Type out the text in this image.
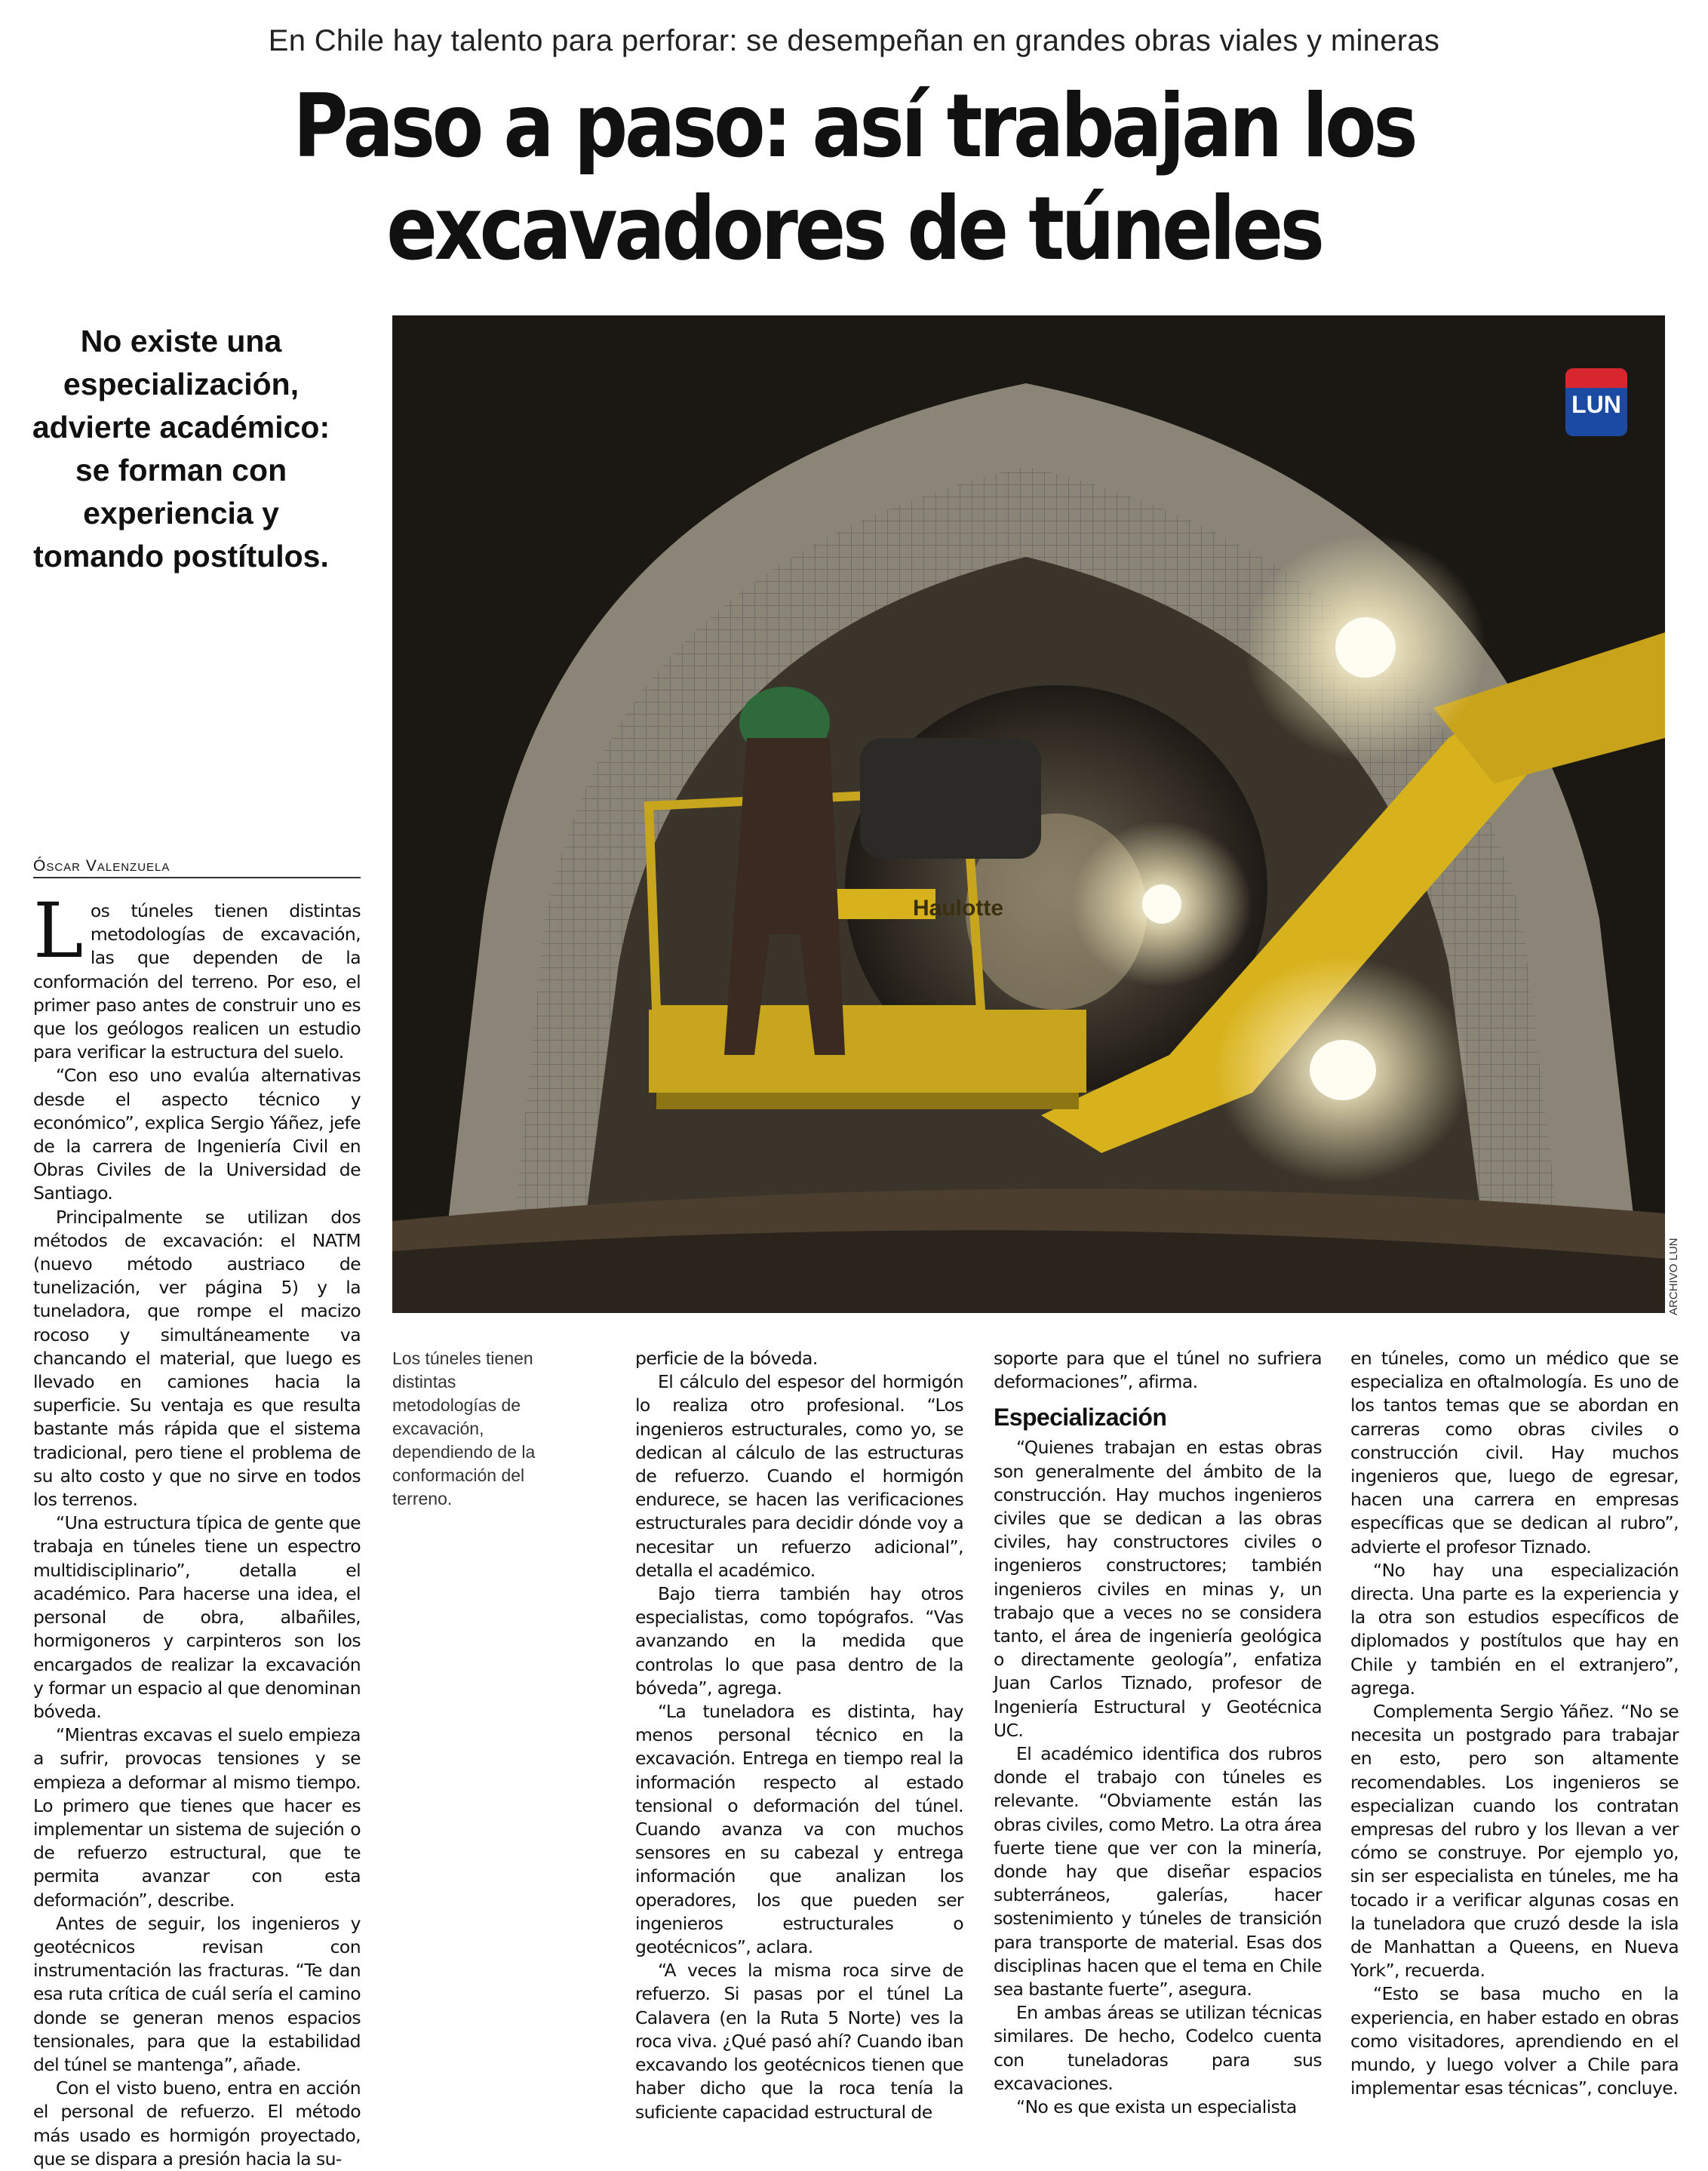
En Chile hay talento para perforar: se desempeñan en grandes obras viales y mineras
Paso a paso: así trabajan los
excavadores de túneles
No existe una especialización, advierte académico: se forman con experiencia y tomando postítulos.
Óscar Valenzuela
Haulotte
LUN
ARCHIVO LUN
Los túneles tienen distintas metodologías de excavación, dependiendo de la conformación del terreno.

Los túneles tienen distintas metodologías de excavación, las que dependen de la conformación del terreno. Por eso, el primer paso antes de construir uno es que los geólogos realicen un estudio para verificar la estructura del suelo.

“Con eso uno evalúa alternativas desde el aspecto técnico y económico”, explica Sergio Yáñez, jefe de la carrera de Ingeniería Civil en Obras Civiles de la Universidad de Santiago.

Principalmente se utilizan dos métodos de excavación: el NATM (nuevo método austriaco de tunelización, ver página 5) y la tuneladora, que rompe el macizo rocoso y simultáneamente va chancando el material, que luego es llevado en camiones hacia la superficie. Su ventaja es que resulta bastante más rápida que el sistema tradicional, pero tiene el problema de su alto costo y que no sirve en todos los terrenos.

“Una estructura típica de gente que trabaja en túneles tiene un espectro multidisciplinario”, detalla el académico. Para hacerse una idea, el personal de obra, albañiles, hormigoneros y carpinteros son los encargados de realizar la excavación y formar un espacio al que denominan bóveda.

“Mientras excavas el suelo empieza a sufrir, provocas tensiones y se empieza a deformar al mismo tiempo. Lo primero que tienes que hacer es implementar un sistema de sujeción o de refuerzo estructural, que te permita avanzar con esta deformación”, describe.

Antes de seguir, los ingenieros y geotécnicos revisan con instrumentación las fracturas. “Te dan esa ruta crítica de cuál sería el camino donde se generan menos espacios tensionales, para que la estabilidad del túnel se mantenga”, añade.

Con el visto bueno, entra en acción el personal de refuerzo. El método más usado es hormigón proyectado, que se dispara a presión hacia la su-

perficie de la bóveda.

El cálculo del espesor del hormigón lo realiza otro profesional. “Los ingenieros estructurales, como yo, se dedican al cálculo de las estructuras de refuerzo. Cuando el hormigón endurece, se hacen las verificaciones estructurales para decidir dónde voy a necesitar un refuerzo adicional”, detalla el académico.

Bajo tierra también hay otros especialistas, como topógrafos. “Vas avanzando en la medida que controlas lo que pasa dentro de la bóveda”, agrega.

“La tuneladora es distinta, hay menos personal técnico en la excavación. Entrega en tiempo real la información respecto al estado tensional o deformación del túnel. Cuando avanza va con muchos sensores en su cabezal y entrega información que analizan los operadores, los que pueden ser ingenieros estructurales o geotécnicos”, aclara.

“A veces la misma roca sirve de refuerzo. Si pasas por el túnel La Calavera (en la Ruta 5 Norte) ves la roca viva. ¿Qué pasó ahí? Cuando iban excavando los geotécnicos tienen que haber dicho que la roca tenía la suficiente capacidad estructural de

soporte para que el túnel no sufriera deformaciones”, afirma.

Especialización

“Quienes trabajan en estas obras son generalmente del ámbito de la construcción. Hay muchos ingenieros civiles que se dedican a las obras civiles, hay constructores civiles o ingenieros constructores; también ingenieros civiles en minas y, un trabajo que a veces no se considera tanto, el área de ingeniería geológica o directamente geología”, enfatiza Juan Carlos Tiznado, profesor de Ingeniería Estructural y Geotécnica UC.

El académico identifica dos rubros donde el trabajo con túneles es relevante. “Obviamente están las obras civiles, como Metro. La otra área fuerte tiene que ver con la minería, donde hay que diseñar espacios subterráneos, galerías, hacer sostenimiento y túneles de transición para transporte de material. Esas dos disciplinas hacen que el tema en Chile sea bastante fuerte”, asegura.

En ambas áreas se utilizan técnicas similares. De hecho, Codelco cuenta con tuneladoras para sus excavaciones.

“No es que exista un especialista

en túneles, como un médico que se especializa en oftalmología. Es uno de los tantos temas que se abordan en carreras como obras civiles o construcción civil. Hay muchos ingenieros que, luego de egresar, hacen una carrera en empresas específicas que se dedican al rubro”, advierte el profesor Tiznado.

“No hay una especialización directa. Una parte es la experiencia y la otra son estudios específicos de diplomados y postítulos que hay en Chile y también en el extranjero”, agrega.

Complementa Sergio Yáñez. “No se necesita un postgrado para trabajar en esto, pero son altamente recomendables. Los ingenieros se especializan cuando los contratan empresas del rubro y los llevan a ver cómo se construye. Por ejemplo yo, sin ser especialista en túneles, me ha tocado ir a verificar algunas cosas en la tuneladora que cruzó desde la isla de Manhattan a Queens, en Nueva York”, recuerda.

“Esto se basa mucho en la experiencia, en haber estado en obras como visitadores, aprendiendo en el mundo, y luego volver a Chile para implementar esas técnicas”, concluye.
